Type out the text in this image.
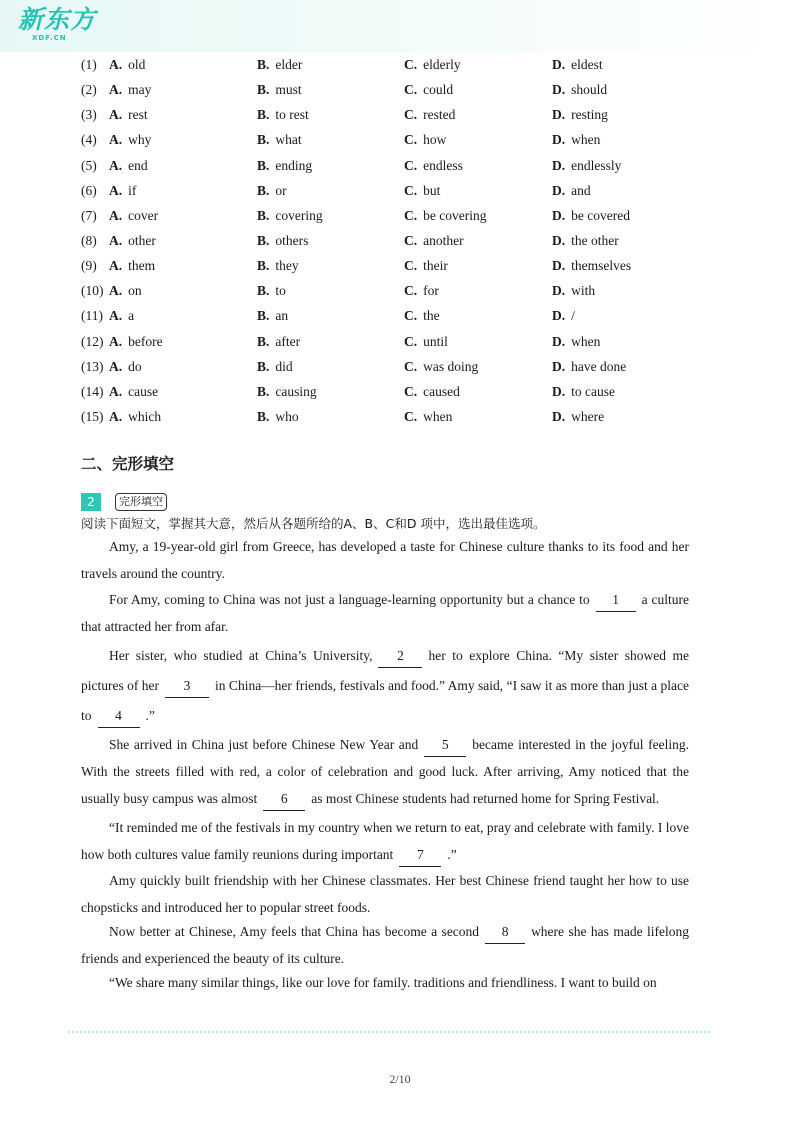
新东方
XDF.CN
(1) A. old	B. elder	C. elderly	D. eldest
(2) A. may	B. must	C. could	D. should
(3) A. rest	B. to rest	C. rested	D. resting
(4) A. why	B. what	C. how	D. when
(5) A. end	B. ending	C. endless	D. endlessly
(6) A. if	B. or	C. but	D. and
(7) A. cover	B. covering	C. be covering	D. be covered
(8) A. other	B. others	C. another	D. the other
(9) A. them	B. they	C. their	D. themselves
(10) A. on	B. to	C. for	D. with
(11) A. a	B. an	C. the	D. /
(12) A. before	B. after	C. until	D. when
(13) A. do	B. did	C. was doing	D. have done
(14) A. cause	B. causing	C. caused	D. to cause
(15) A. which	B. who	C. when	D. where
二、完形填空
2	完形填空
阅读下面短文，掌握其大意，然后从各题所给的A、B、C和D 项中，选出最佳选项。
Amy, a 19-year-old girl from Greece, has developed a taste for Chinese culture thanks to its food and her travels around the country.
For Amy, coming to China was not just a language-learning opportunity but a chance to 1 a culture that attracted her from afar.
Her sister, who studied at China’s University, 2 her to explore China. “My sister showed me pictures of her 3 in China—her friends, festivals and food.” Amy said, “I saw it as more than just a place to 4 .”
She arrived in China just before Chinese New Year and 5 became interested in the joyful feeling. With the streets filled with red, a color of celebration and good luck. After arriving, Amy noticed that the usually busy campus was almost 6 as most Chinese students had returned home for Spring Festival.
“It reminded me of the festivals in my country when we return to eat, pray and celebrate with family. I love how both cultures value family reunions during important 7 .”
Amy quickly built friendship with her Chinese classmates. Her best Chinese friend taught her how to use chopsticks and introduced her to popular street foods.
Now better at Chinese, Amy feels that China has become a second 8 where she has made lifelong friends and experienced the beauty of its culture.
“We share many similar things, like our love for family. traditions and friendliness. I want to build on
2/10
